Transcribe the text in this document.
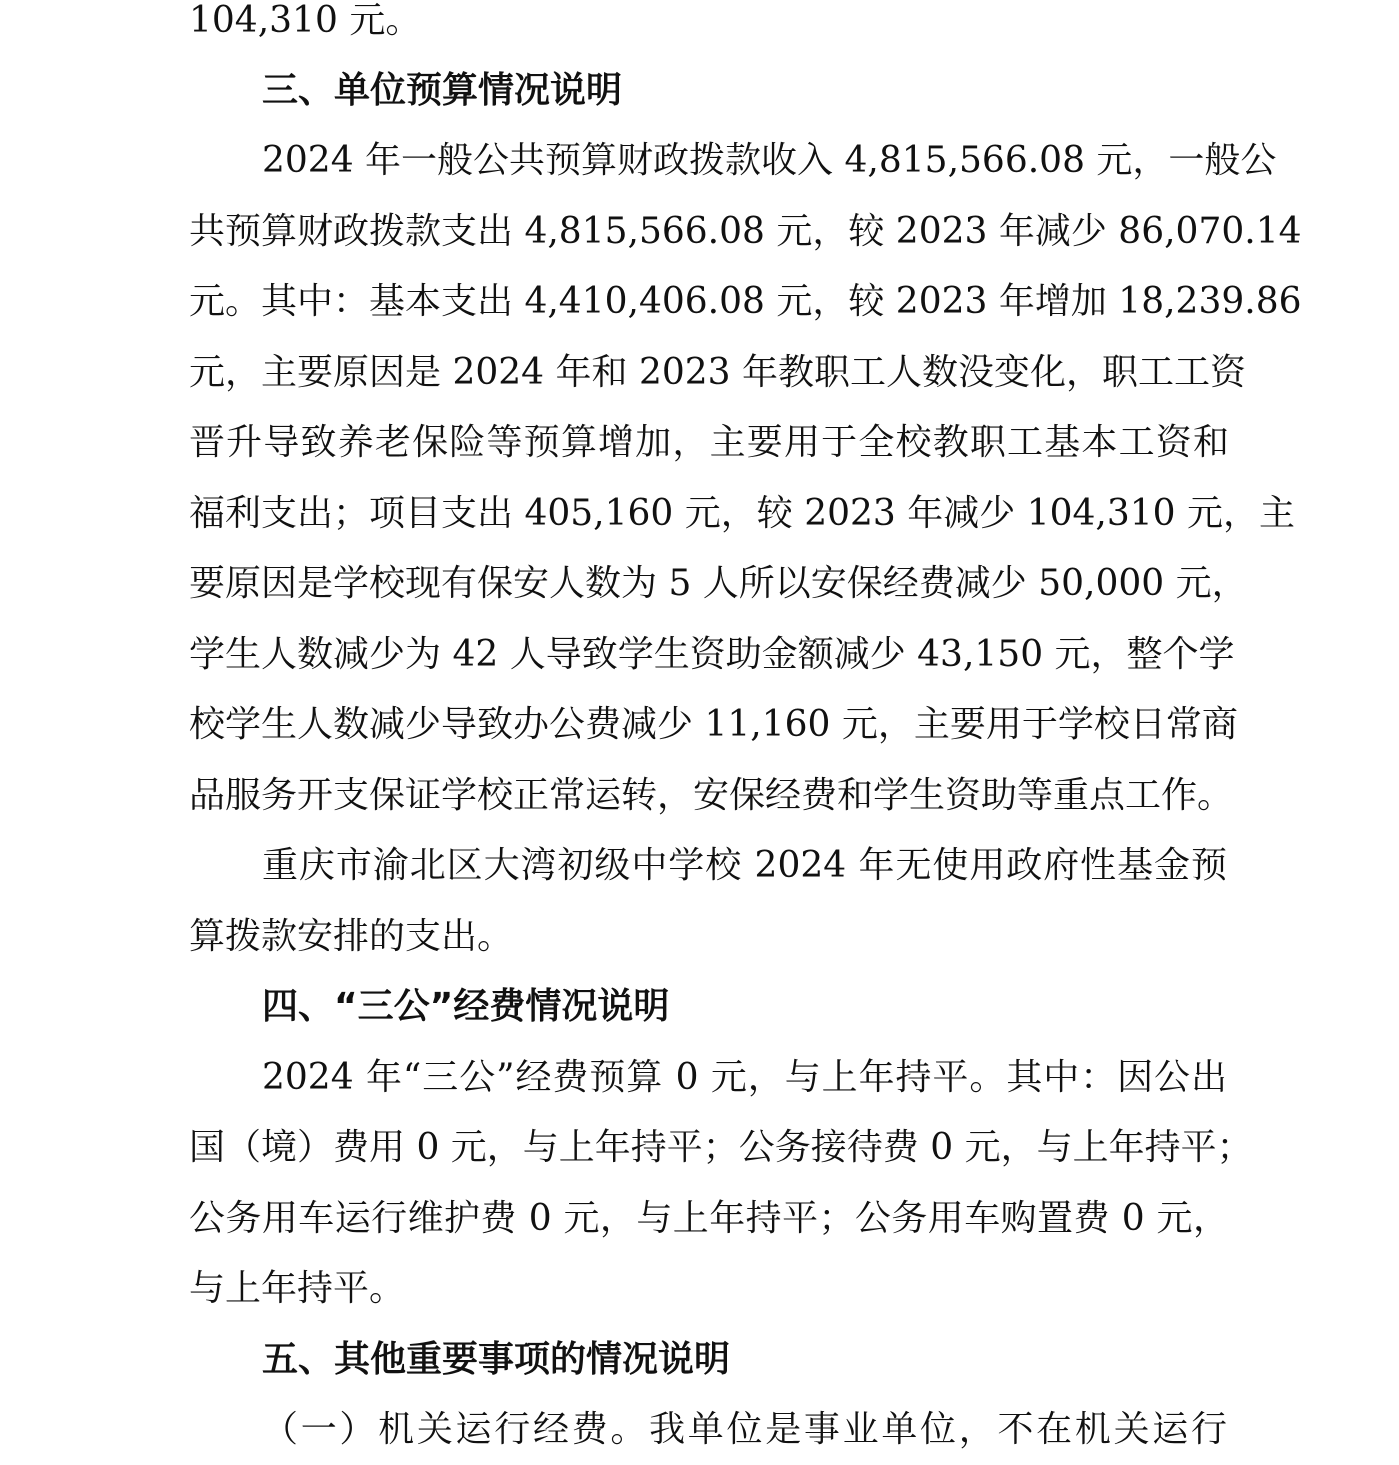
104,310 元。
三、单位预算情况说明
2024 年一般公共预算财政拨款收入 4,815,566.08 元，一般公
共预算财政拨款支出 4,815,566.08 元，较 2023 年减少 86,070.14
元。其中：基本支出 4,410,406.08 元，较 2023 年增加 18,239.86
元，主要原因是 2024 年和 2023 年教职工人数没变化，职工工资
晋升导致养老保险等预算增加，主要用于全校教职工基本工资和
福利支出；项目支出 405,160 元，较 2023 年减少 104,310 元，主
要原因是学校现有保安人数为 5 人所以安保经费减少 50,000 元，
学生人数减少为 42 人导致学生资助金额减少 43,150 元，整个学
校学生人数减少导致办公费减少 11,160 元，主要用于学校日常商
品服务开支保证学校正常运转，安保经费和学生资助等重点工作。
重庆市渝北区大湾初级中学校 2024 年无使用政府性基金预
算拨款安排的支出。
四、“三公”经费情况说明
2024 年“三公”经费预算 0 元，与上年持平。其中：因公出
国（境）费用 0 元，与上年持平；公务接待费 0 元，与上年持平；
公务用车运行维护费 0 元，与上年持平；公务用车购置费 0 元，
与上年持平。
五、其他重要事项的情况说明
（一）机关运行经费。我单位是事业单位，不在机关运行
